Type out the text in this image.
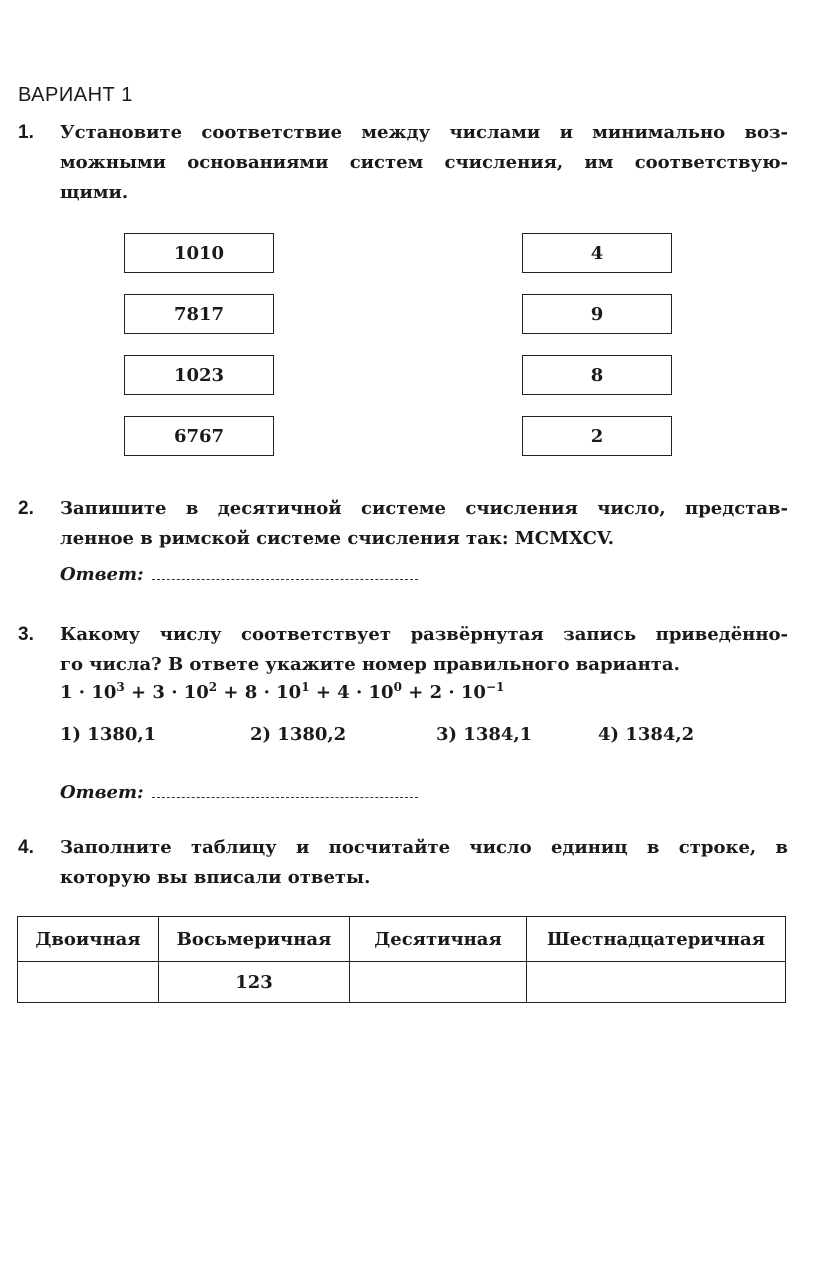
ВАРИАНТ 1
1. Установите соответствие между числами и минимально воз-
можными основаниями систем счисления, им соответствую-
щими.
1010
7817
1023
6767
4
9
8
2
2. Запишите в десятичной системе счисления число, представ-
ленное в римской системе счисления так: MCMXCV.
Ответ:
3. Какому числу соответствует развёрнутая запись приведённо-
го числа? В ответе укажите номер правильного варианта.
$1 \cdot 10^3 + 3 \cdot 10^2 + 8 \cdot 10^1 + 4 \cdot 10^0 + 2 \cdot 10^{-1}$
1) 1380,1	2) 1380,2	3) 1384,1	4) 1384,2
Ответ:
4. Заполните таблицу и посчитайте число единиц в строке, в
которую вы вписали ответы.
Двоичная	Восьмеричная	Десятичная	Шестнадцатеричная
	123		
